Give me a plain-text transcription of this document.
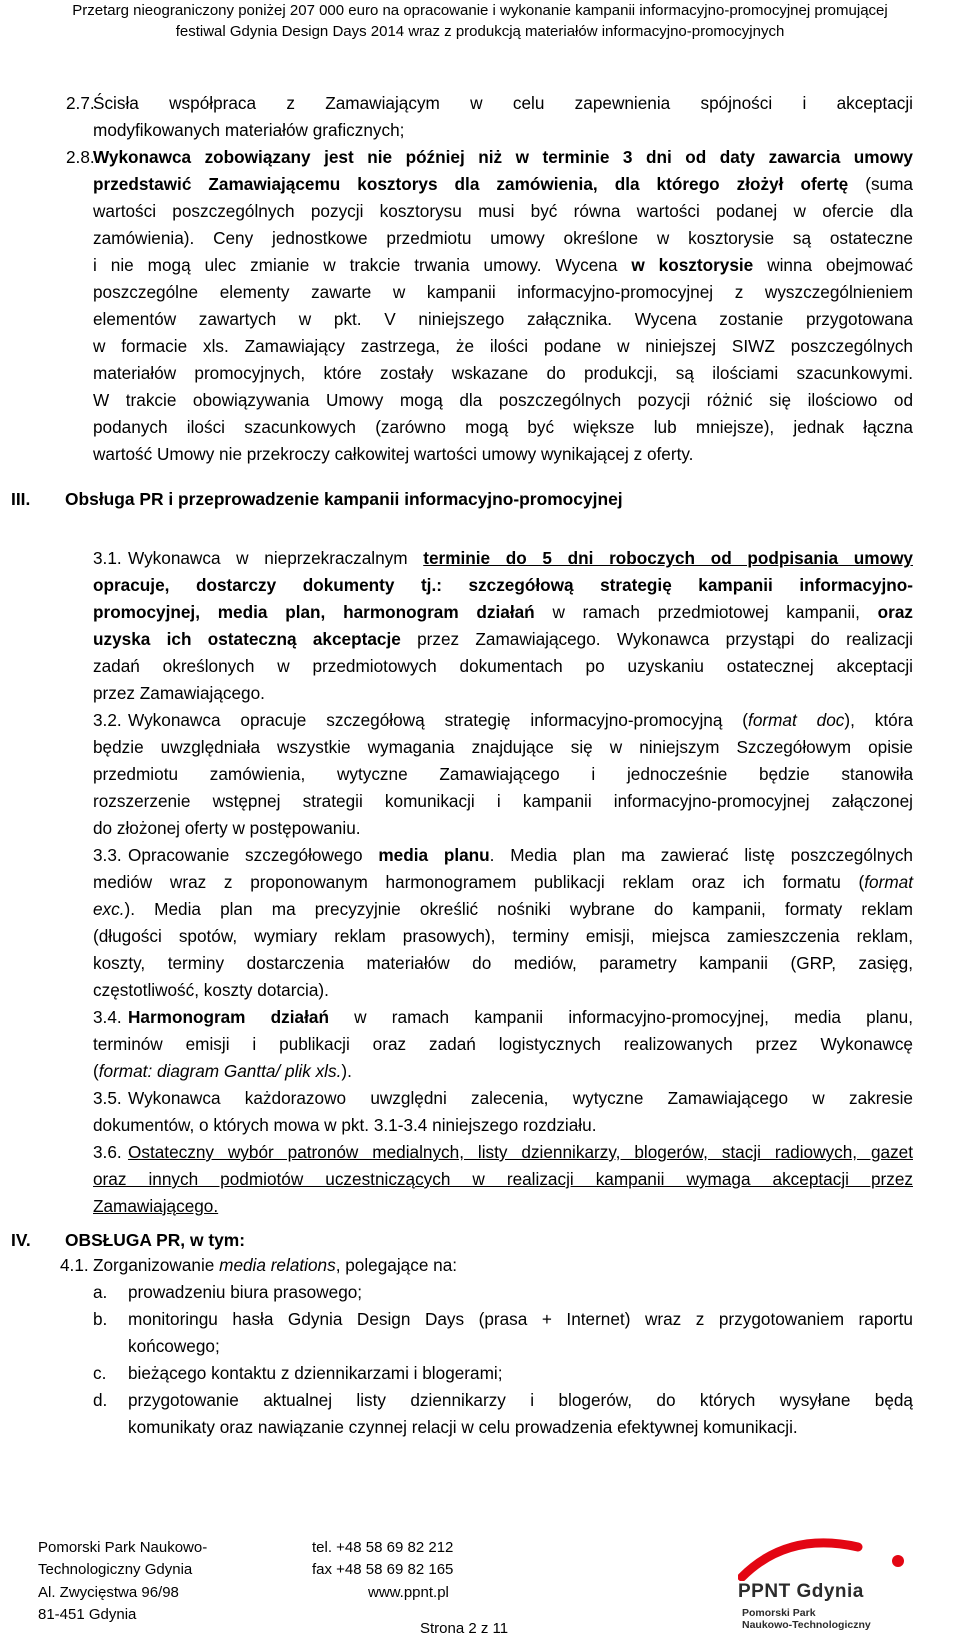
Przetarg nieograniczony poniżej 207 000 euro na opracowanie i wykonanie kampanii informacyjno-promocyjnej promującej
festiwal Gdynia Design Days 2014 wraz z produkcją materiałów informacyjno-promocyjnych
2.7.
Ścisła współpraca z Zamawiającym w celu zapewnienia spójności i akceptacji
modyfikowanych materiałów graficznych;
2.8.
Wykonawca zobowiązany jest nie później niż w terminie 3 dni od daty zawarcia umowy
przedstawić Zamawiającemu kosztorys dla zamówienia, dla którego złożył ofertę (suma
wartości poszczególnych pozycji kosztorysu musi być równa wartości podanej w ofercie dla
zamówienia). Ceny jednostkowe przedmiotu umowy określone w kosztorysie są ostateczne
i nie mogą ulec zmianie w trakcie trwania umowy. Wycena w kosztorysie winna obejmować
poszczególne elementy zawarte w kampanii informacyjno-promocyjnej z wyszczególnieniem
elementów zawartych w pkt. V niniejszego załącznika. Wycena zostanie przygotowana
w formacie xls. Zamawiający zastrzega, że ilości podane w niniejszej SIWZ poszczególnych
materiałów promocyjnych, które zostały wskazane do produkcji, są ilościami szacunkowymi.
W trakcie obowiązywania Umowy mogą dla poszczególnych pozycji różnić się ilościowo od
podanych ilości szacunkowych (zarówno mogą być większe lub mniejsze), jednak łączna
wartość Umowy nie przekroczy całkowitej wartości umowy wynikającej z oferty.
III. Obsługa PR i przeprowadzenie kampanii informacyjno-promocyjnej
3.1. Wykonawca w nieprzekraczalnym terminie do 5 dni roboczych od podpisania umowy
opracuje, dostarczy dokumenty tj.: szczegółową strategię kampanii informacyjno-
promocyjnej, media plan, harmonogram działań w ramach przedmiotowej kampanii, oraz
uzyska ich ostateczną akceptacje przez Zamawiającego. Wykonawca przystąpi do realizacji
zadań określonych w przedmiotowych dokumentach po uzyskaniu ostatecznej akceptacji
przez Zamawiającego.
3.2. Wykonawca opracuje szczegółową strategię informacyjno-promocyjną (format doc), która
będzie uwzględniała wszystkie wymagania znajdujące się w niniejszym Szczegółowym opisie
przedmiotu zamówienia, wytyczne Zamawiającego i jednocześnie będzie stanowiła
rozszerzenie wstępnej strategii komunikacji i kampanii informacyjno-promocyjnej załączonej
do złożonej oferty w postępowaniu.
3.3. Opracowanie szczegółowego media planu. Media plan ma zawierać listę poszczególnych
mediów wraz z proponowanym harmonogramem publikacji reklam oraz ich formatu (format
exc.). Media plan ma precyzyjnie określić nośniki wybrane do kampanii, formaty reklam
(długości spotów, wymiary reklam prasowych), terminy emisji, miejsca zamieszczenia reklam,
koszty, terminy dostarczenia materiałów do mediów, parametry kampanii (GRP, zasięg,
częstotliwość, koszty dotarcia).
3.4. Harmonogram działań w ramach kampanii informacyjno-promocyjnej, media planu,
terminów emisji i publikacji oraz zadań logistycznych realizowanych przez Wykonawcę
(format: diagram Gantta/ plik xls.).
3.5. Wykonawca każdorazowo uwzględni zalecenia, wytyczne Zamawiającego w zakresie
dokumentów, o których mowa w pkt. 3.1-3.4 niniejszego rozdziału.
3.6. Ostateczny wybór patronów medialnych, listy dziennikarzy, blogerów, stacji radiowych, gazet
oraz innych podmiotów uczestniczących w realizacji kampanii wymaga akceptacji przez
Zamawiającego.
IV. OBSŁUGA PR, w tym:
4.1. Zorganizowanie media relations, polegające na:
a. prowadzeniu biura prasowego;
b. monitoringu hasła Gdynia Design Days (prasa + Internet) wraz z przygotowaniem raportu
końcowego;
c. bieżącego kontaktu z dziennikarzami i blogerami;
d. przygotowanie aktualnej listy dziennikarzy i blogerów, do których wysyłane będą
komunikaty oraz nawiązanie czynnej relacji w celu prowadzenia efektywnej komunikacji.
Pomorski Park Naukowo-
Technologiczny Gdynia
Al. Zwycięstwa 96/98
81-451 Gdynia
tel. +48 58 69 82 212
fax +48 58 69 82 165
www.ppnt.pl	PPNT Gdynia
Pomorski Park
Naukowo-Technologiczny
Strona 2 z 11
